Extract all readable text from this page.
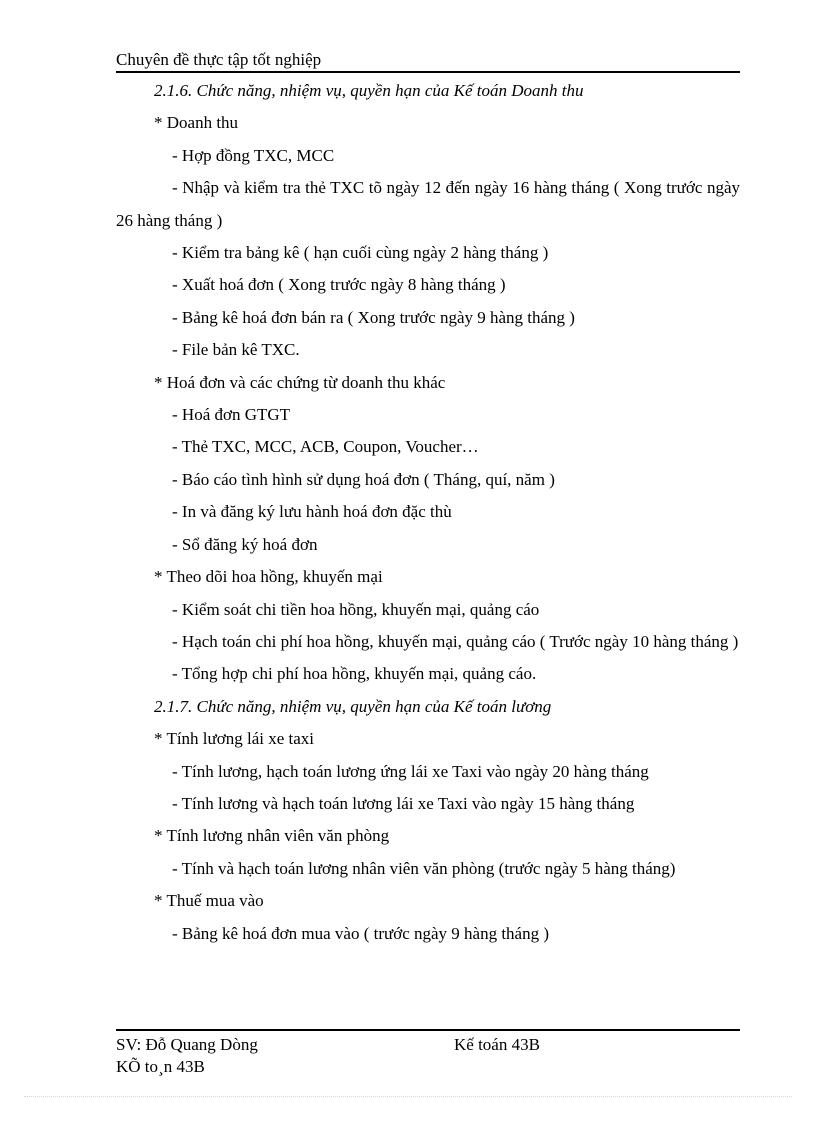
Chuyên đề thực tập tốt nghiệp
2.1.6. Chức năng, nhiệm vụ, quyền hạn của Kế toán Doanh thu
* Doanh thu
- Hợp đồng TXC, MCC
- Nhập và kiểm tra thẻ TXC tõ ngày 12 đến ngày 16 hàng tháng ( Xong trước ngày 26 hàng tháng )
- Kiểm tra bảng kê ( hạn cuối cùng ngày 2 hàng tháng )
- Xuất hoá đơn ( Xong trước ngày 8 hàng tháng )
- Bảng kê hoá đơn bán ra ( Xong trước ngày 9 hàng tháng )
- File bản kê TXC.
* Hoá đơn và các chứng từ doanh thu khác
- Hoá đơn GTGT
- Thẻ TXC, MCC, ACB, Coupon, Voucher…
- Báo cáo tình hình sử dụng hoá đơn ( Tháng, quí, năm )
- In và đăng ký lưu hành hoá đơn đặc thù
- Sổ đăng ký hoá đơn
* Theo dõi hoa hồng, khuyến mại
- Kiểm soát chi tiền hoa hồng, khuyến mại, quảng cáo
- Hạch toán chi phí hoa hồng, khuyến mại, quảng cáo ( Trước ngày 10 hàng tháng )
- Tổng hợp chi phí hoa hồng, khuyến mại, quảng cáo.
2.1.7. Chức năng, nhiệm vụ, quyền hạn của Kế toán lương
* Tính lương lái xe taxi
- Tính lương, hạch toán lương ứng lái xe Taxi vào ngày 20 hàng tháng
- Tính lương và hạch toán lương lái xe Taxi vào ngày 15 hàng tháng
* Tính lương nhân viên văn phòng
- Tính và hạch toán lương nhân viên văn phòng (trước ngày 5 hàng tháng)
* Thuế mua vào
- Bảng kê hoá đơn mua vào ( trước ngày 9 hàng tháng )
SV: Đỗ Quang Dòng	Kế toán 43B
KÕ to¸n 43B
